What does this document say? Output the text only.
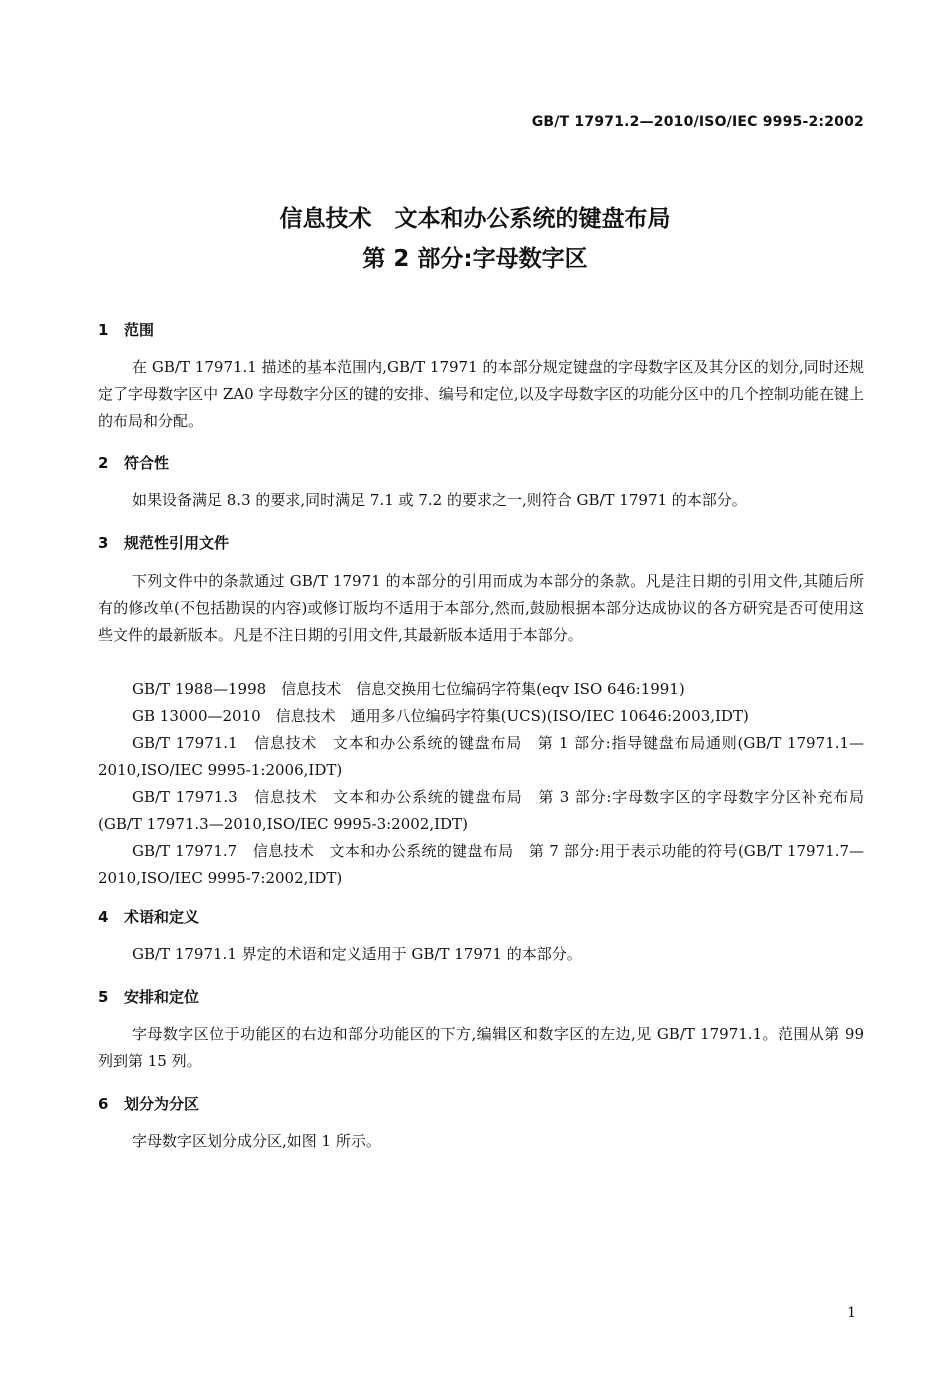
GB/T 17971.2—2010/ISO/IEC 9995-2:2002
信息技术　文本和办公系统的键盘布局
第 2 部分:字母数字区
1 范围
在 GB/T 17971.1 描述的基本范围内,GB/T 17971 的本部分规定键盘的字母数字区及其分区的划分,同时还规定了字母数字区中 ZA0 字母数字分区的键的安排、编号和定位,以及字母数字区的功能分区中的几个控制功能在键上的布局和分配。
2 符合性
如果设备满足 8.3 的要求,同时满足 7.1 或 7.2 的要求之一,则符合 GB/T 17971 的本部分。
3 规范性引用文件
下列文件中的条款通过 GB/T 17971 的本部分的引用而成为本部分的条款。凡是注日期的引用文件,其随后所有的修改单(不包括勘误的内容)或修订版均不适用于本部分,然而,鼓励根据本部分达成协议的各方研究是否可使用这些文件的最新版本。凡是不注日期的引用文件,其最新版本适用于本部分。
GB/T 1988—1998　信息技术　信息交换用七位编码字符集(eqv ISO 646:1991)
GB 13000—2010　信息技术　通用多八位编码字符集(UCS)(ISO/IEC 10646:2003,IDT)
GB/T 17971.1　信息技术　文本和办公系统的键盘布局　第 1 部分:指导键盘布局通则(GB/T 17971.1—2010,ISO/IEC 9995-1:2006,IDT)
GB/T 17971.3　信息技术　文本和办公系统的键盘布局　第 3 部分:字母数字区的字母数字分区补充布局(GB/T 17971.3—2010,ISO/IEC 9995-3:2002,IDT)
GB/T 17971.7　信息技术　文本和办公系统的键盘布局　第 7 部分:用于表示功能的符号(GB/T 17971.7—2010,ISO/IEC 9995-7:2002,IDT)
4 术语和定义
GB/T 17971.1 界定的术语和定义适用于 GB/T 17971 的本部分。
5 安排和定位
字母数字区位于功能区的右边和部分功能区的下方,编辑区和数字区的左边,见 GB/T 17971.1。范围从第 99 列到第 15 列。
6 划分为分区
字母数字区划分成分区,如图 1 所示。
1
